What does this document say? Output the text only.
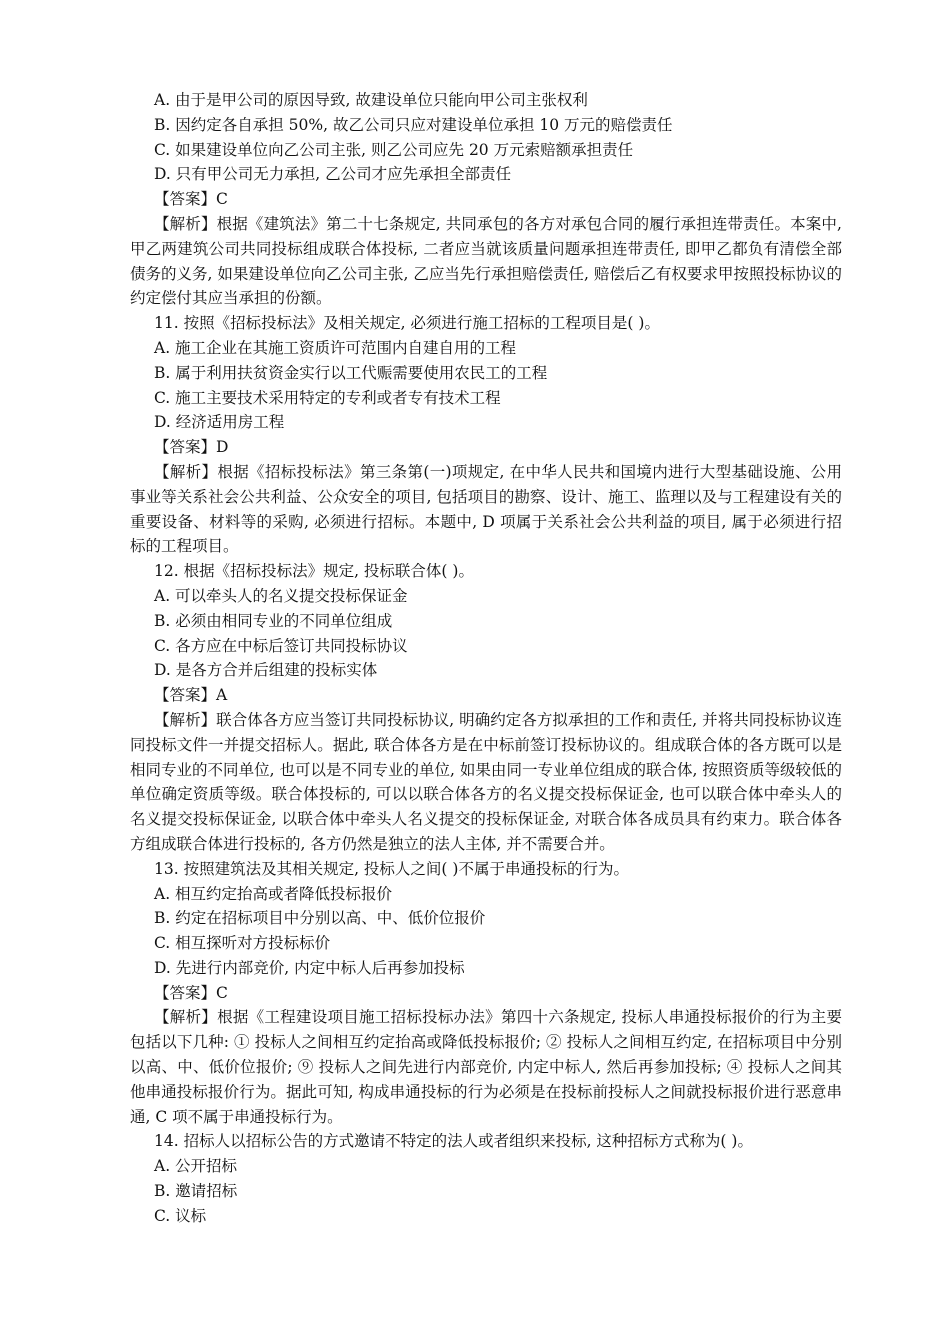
A. 由于是甲公司的原因导致, 故建设单位只能向甲公司主张权利

B. 因约定各自承担 50%, 故乙公司只应对建设单位承担 10 万元的赔偿责任

C. 如果建设单位向乙公司主张, 则乙公司应先 20 万元索赔额承担责任

D. 只有甲公司无力承担, 乙公司才应先承担全部责任

【答案】C

【解析】根据《建筑法》第二十七条规定, 共同承包的各方对承包合同的履行承担连带责任。本案中, 甲乙两建筑公司共同投标组成联合体投标, 二者应当就该质量问题承担连带责任, 即甲乙都负有清偿全部债务的义务, 如果建设单位向乙公司主张, 乙应当先行承担赔偿责任, 赔偿后乙有权要求甲按照投标协议的约定偿付其应当承担的份额。

11. 按照《招标投标法》及相关规定, 必须进行施工招标的工程项目是( )。

A. 施工企业在其施工资质许可范围内自建自用的工程

B. 属于利用扶贫资金实行以工代赈需要使用农民工的工程

C. 施工主要技术采用特定的专利或者专有技术工程

D. 经济适用房工程

【答案】D

【解析】根据《招标投标法》第三条第(一)项规定, 在中华人民共和国境内进行大型基础设施、公用事业等关系社会公共利益、公众安全的项目, 包括项目的勘察、设计、施工、监理以及与工程建设有关的重要设备、材料等的采购, 必须进行招标。本题中, D 项属于关系社会公共利益的项目, 属于必须进行招标的工程项目。

12. 根据《招标投标法》规定, 投标联合体( )。

A. 可以牵头人的名义提交投标保证金

B. 必须由相同专业的不同单位组成

C. 各方应在中标后签订共同投标协议

D. 是各方合并后组建的投标实体

【答案】A

【解析】联合体各方应当签订共同投标协议, 明确约定各方拟承担的工作和责任, 并将共同投标协议连同投标文件一并提交招标人。据此, 联合体各方是在中标前签订投标协议的。组成联合体的各方既可以是相同专业的不同单位, 也可以是不同专业的单位, 如果由同一专业单位组成的联合体, 按照资质等级较低的单位确定资质等级。联合体投标的, 可以以联合体各方的名义提交投标保证金, 也可以联合体中牵头人的名义提交投标保证金, 以联合体中牵头人名义提交的投标保证金, 对联合体各成员具有约束力。联合体各方组成联合体进行投标的, 各方仍然是独立的法人主体, 并不需要合并。

13. 按照建筑法及其相关规定, 投标人之间( )不属于串通投标的行为。

A. 相互约定抬高或者降低投标报价

B. 约定在招标项目中分别以高、中、低价位报价

C. 相互探听对方投标标价

D. 先进行内部竞价, 内定中标人后再参加投标

【答案】C

【解析】根据《工程建设项目施工招标投标办法》第四十六条规定, 投标人串通投标报价的行为主要包括以下几种: ① 投标人之间相互约定抬高或降低投标报价; ② 投标人之间相互约定, 在招标项目中分别以高、中、低价位报价; ⑨ 投标人之间先进行内部竞价, 内定中标人, 然后再参加投标; ④ 投标人之间其他串通投标报价行为。据此可知, 构成串通投标的行为必须是在投标前投标人之间就投标报价进行恶意串通, C 项不属于串通投标行为。

14. 招标人以招标公告的方式邀请不特定的法人或者组织来投标, 这种招标方式称为( )。

A. 公开招标

B. 邀请招标

C. 议标
